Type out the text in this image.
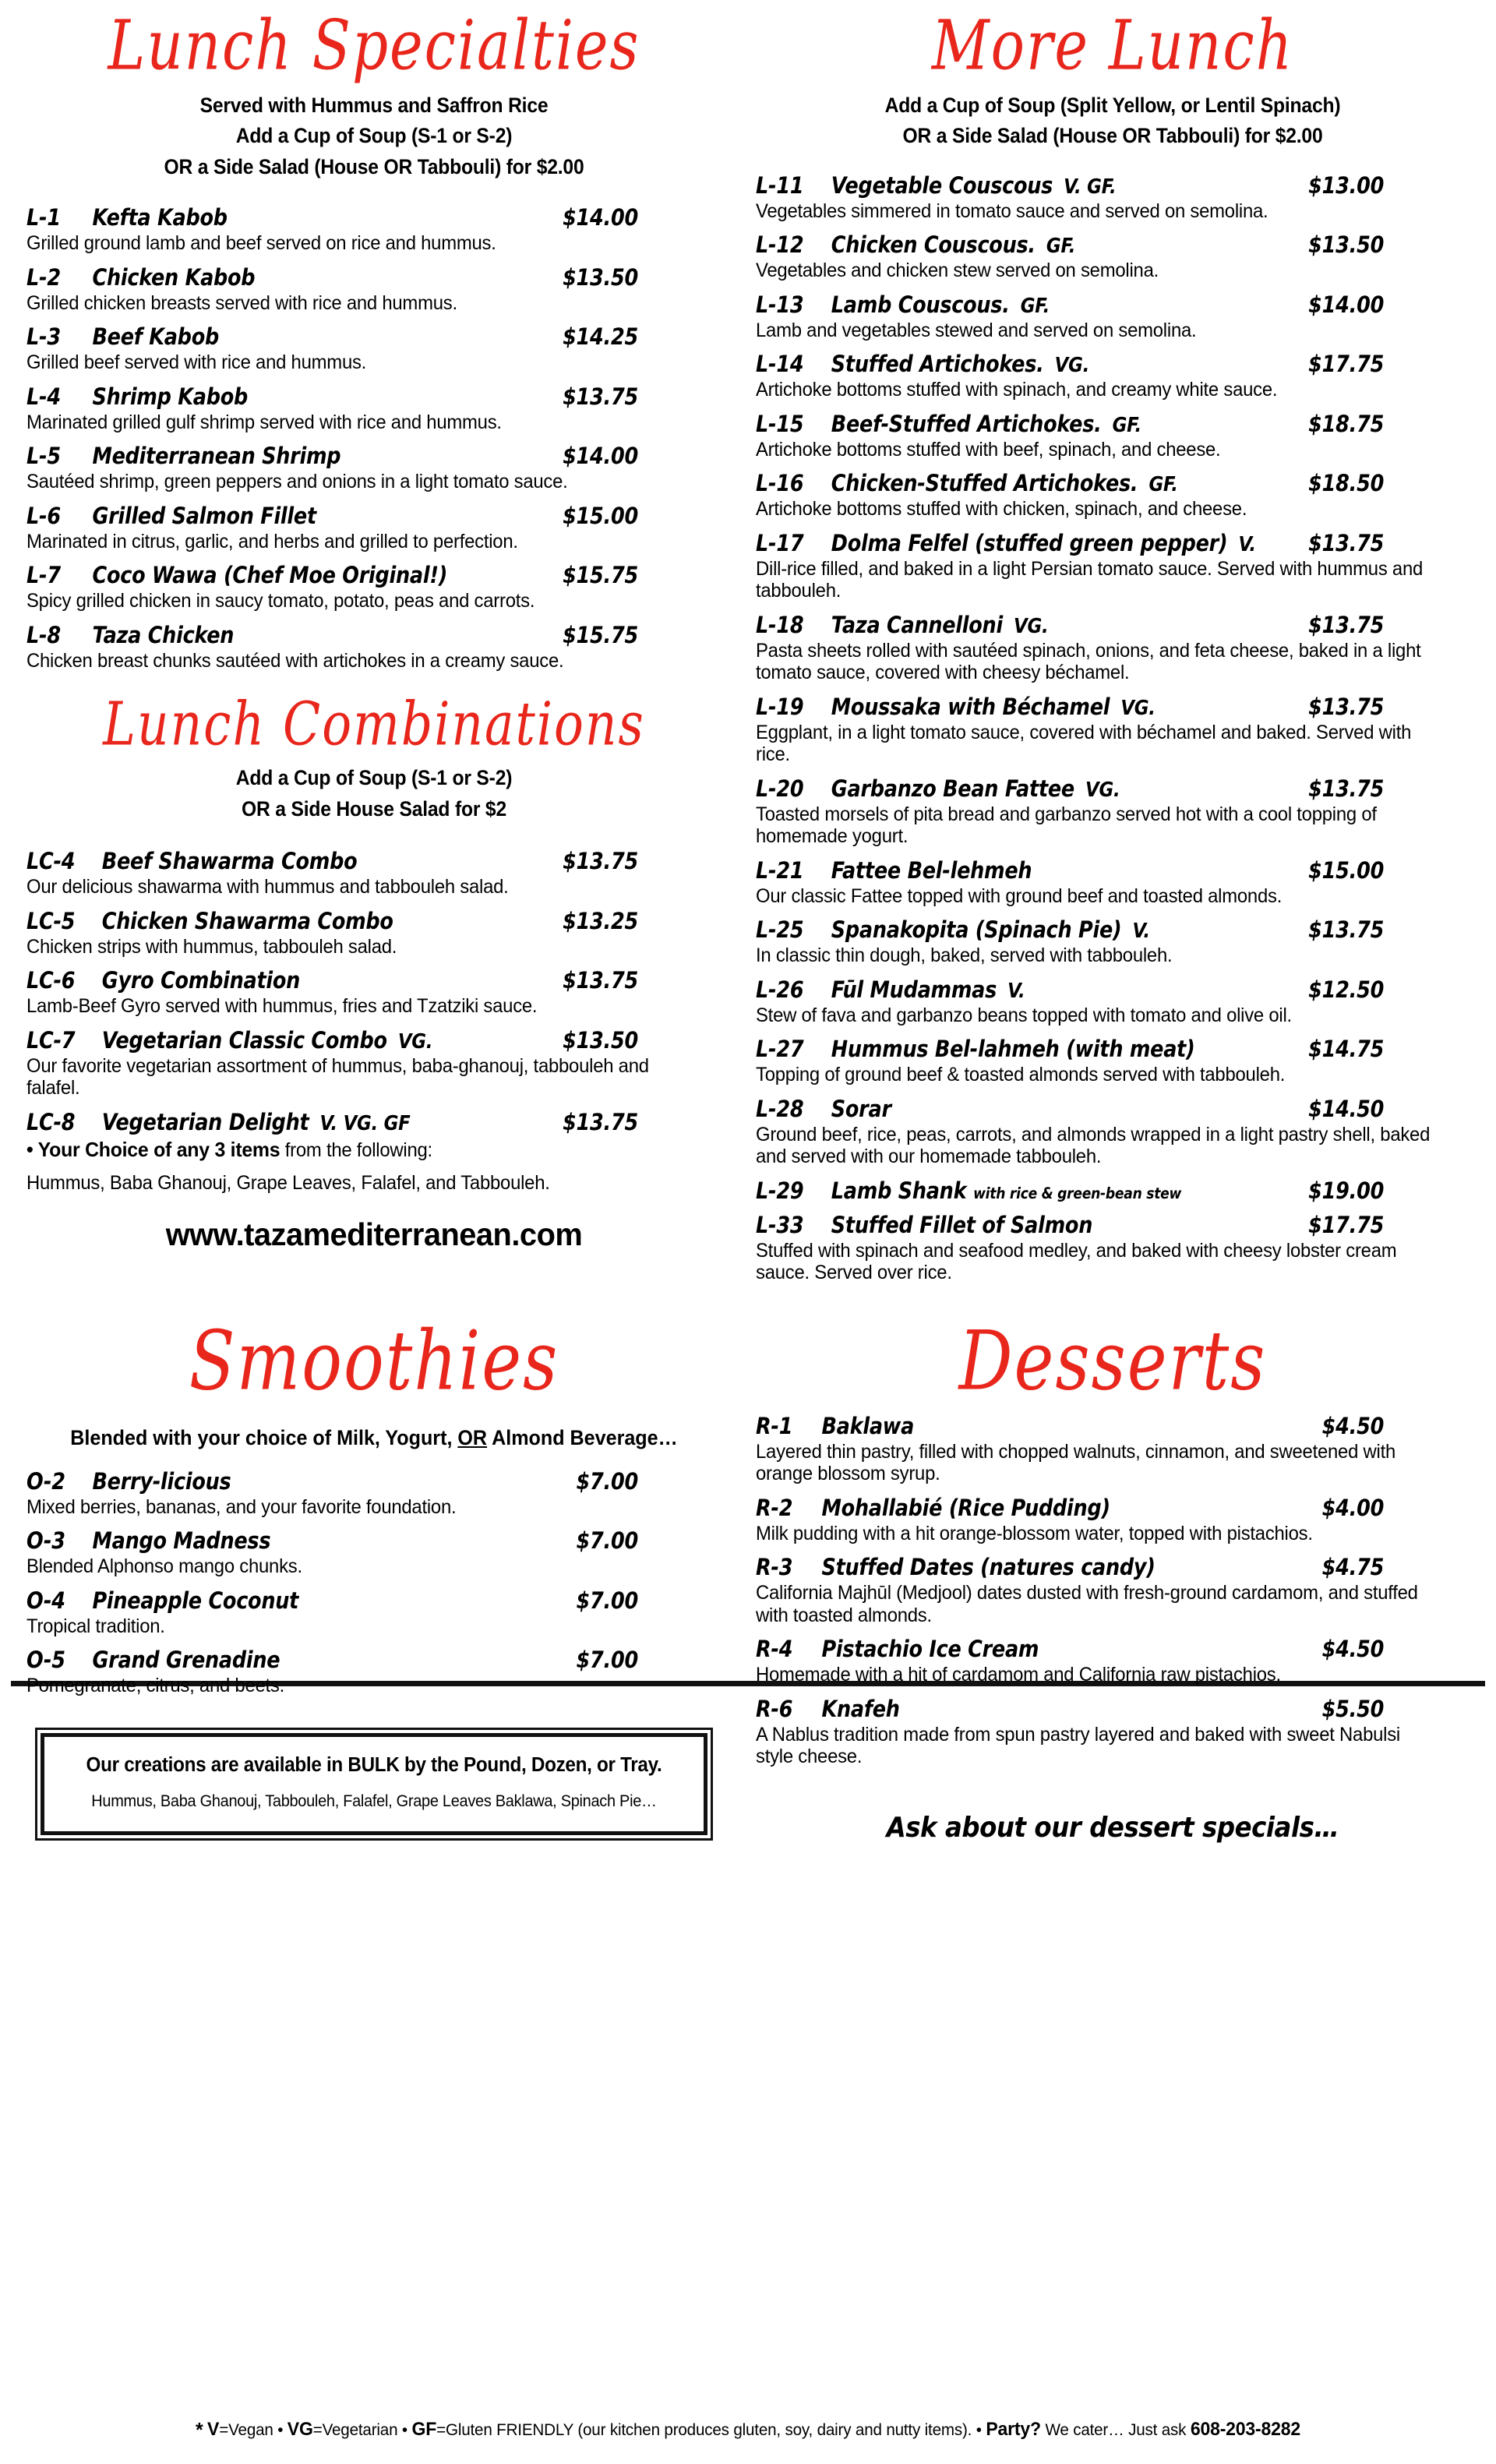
Lunch Specialties
Served with Hummus and Saffron Rice
Add a Cup of Soup (S-1 or S-2)
OR a Side Salad (House OR Tabbouli) for $2.00
L-1	Kefta Kabob	$14.00
Grilled ground lamb and beef served on rice and hummus.
L-2	Chicken Kabob	$13.50
Grilled chicken breasts served with rice and hummus.
L-3	Beef Kabob	$14.25
Grilled beef served with rice and hummus.
L-4	Shrimp Kabob	$13.75
Marinated grilled gulf shrimp served with rice and hummus.
L-5	Mediterranean Shrimp	$14.00
Sautéed shrimp, green peppers and onions in a light tomato sauce.
L-6	Grilled Salmon Fillet	$15.00
Marinated in citrus, garlic, and herbs and grilled to perfection.
L-7	Coco Wawa (Chef Moe Original!)	$15.75
Spicy grilled chicken in saucy tomato, potato, peas and carrots.
L-8	Taza Chicken	$15.75
Chicken breast chunks sautéed with artichokes in a creamy sauce.
Lunch Combinations
Add a Cup of Soup (S-1 or S-2)
OR a Side House Salad for $2
LC-4	Beef Shawarma Combo	$13.75
Our delicious shawarma with hummus and tabbouleh salad.
LC-5	Chicken Shawarma Combo	$13.25
Chicken strips with hummus, tabbouleh salad.
LC-6	Gyro Combination	$13.75
Lamb-Beef Gyro served with hummus, fries and Tzatziki sauce.
LC-7	Vegetarian Classic Combo VG.	$13.50
Our favorite vegetarian assortment of hummus, baba-ghanouj, tabbouleh and falafel.
LC-8	Vegetarian Delight V. VG. GF	$13.75
• Your Choice of any 3 items from the following:
Hummus, Baba Ghanouj, Grape Leaves, Falafel, and Tabbouleh.
www.tazamediterranean.com
More Lunch
Add a Cup of Soup (Split Yellow, or Lentil Spinach)
OR a Side Salad (House OR Tabbouli) for $2.00
L-11	Vegetable Couscous V. GF.	$13.00
Vegetables simmered in tomato sauce and served on semolina.
L-12	Chicken Couscous. GF.	$13.50
Vegetables and chicken stew served on semolina.
L-13	Lamb Couscous. GF.	$14.00
Lamb and vegetables stewed and served on semolina.
L-14	Stuffed Artichokes. VG.	$17.75
Artichoke bottoms stuffed with spinach, and creamy white sauce.
L-15	Beef-Stuffed Artichokes. GF.	$18.75
Artichoke bottoms stuffed with beef, spinach, and cheese.
L-16	Chicken-Stuffed Artichokes. GF.	$18.50
Artichoke bottoms stuffed with chicken, spinach, and cheese.
L-17	Dolma Felfel (stuffed green pepper) V. $13.75
Dill-rice filled, and baked in a light Persian tomato sauce. Served with hummus and tabbouleh.
L-18	Taza Cannelloni VG.	$13.75
Pasta sheets rolled with sautéed spinach, onions, and feta cheese, baked in a light tomato sauce, covered with cheesy béchamel.
L-19	Moussaka with Béchamel VG.	$13.75
Eggplant, in a light tomato sauce, covered with béchamel and baked. Served with rice.
L-20	Garbanzo Bean Fattee VG.	$13.75
Toasted morsels of pita bread and garbanzo served hot with a cool topping of homemade yogurt.
L-21	Fattee Bel-lehmeh	$15.00
Our classic Fattee topped with ground beef and toasted almonds.
L-25	Spanakopita (Spinach Pie) V.	$13.75
In classic thin dough, baked, served with tabbouleh.
L-26	Fūl Mudammas V.	$12.50
Stew of fava and garbanzo beans topped with tomato and olive oil.
L-27	Hummus Bel-lahmeh (with meat)	$14.75
Topping of ground beef & toasted almonds served with tabbouleh.
L-28	Sorar	$14.50
Ground beef, rice, peas, carrots, and almonds wrapped in a light pastry shell, baked and served with our homemade tabbouleh.
L-29	Lamb Shank with rice & green-bean stew	$19.00
L-33	Stuffed Fillet of Salmon	$17.75
Stuffed with spinach and seafood medley, and baked with cheesy lobster cream sauce. Served over rice.
Smoothies
Blended with your choice of Milk, Yogurt, OR Almond Beverage…
O-2	Berry-licious	$7.00
Mixed berries, bananas, and your favorite foundation.
O-3	Mango Madness	$7.00
Blended Alphonso mango chunks.
O-4	Pineapple Coconut	$7.00
Tropical tradition.
O-5	Grand Grenadine	$7.00
Pomegranate, citrus, and beets.
Our creations are available in BULK by the Pound, Dozen, or Tray.
Hummus, Baba Ghanouj, Tabbouleh, Falafel, Grape Leaves Baklawa, Spinach Pie…
Desserts
R-1	Baklawa	$4.50
Layered thin pastry, filled with chopped walnuts, cinnamon, and sweetened with orange blossom syrup.
R-2	Mohallabié (Rice Pudding)	$4.00
Milk pudding with a hit orange-blossom water, topped with pistachios.
R-3	Stuffed Dates (natures candy)	$4.75
California Majhūl (Medjool) dates dusted with fresh-ground cardamom, and stuffed with toasted almonds.
R-4	Pistachio Ice Cream	$4.50
Homemade with a hit of cardamom and California raw pistachios.
R-6	Knafeh	$5.50
A Nablus tradition made from spun pastry layered and baked with sweet Nabulsi style cheese.
Ask about our dessert specials…
* V=Vegan • VG=Vegetarian • GF=Gluten FRIENDLY (our kitchen produces gluten, soy, dairy and nutty items). • Party? We cater… Just ask 608-203-8282
